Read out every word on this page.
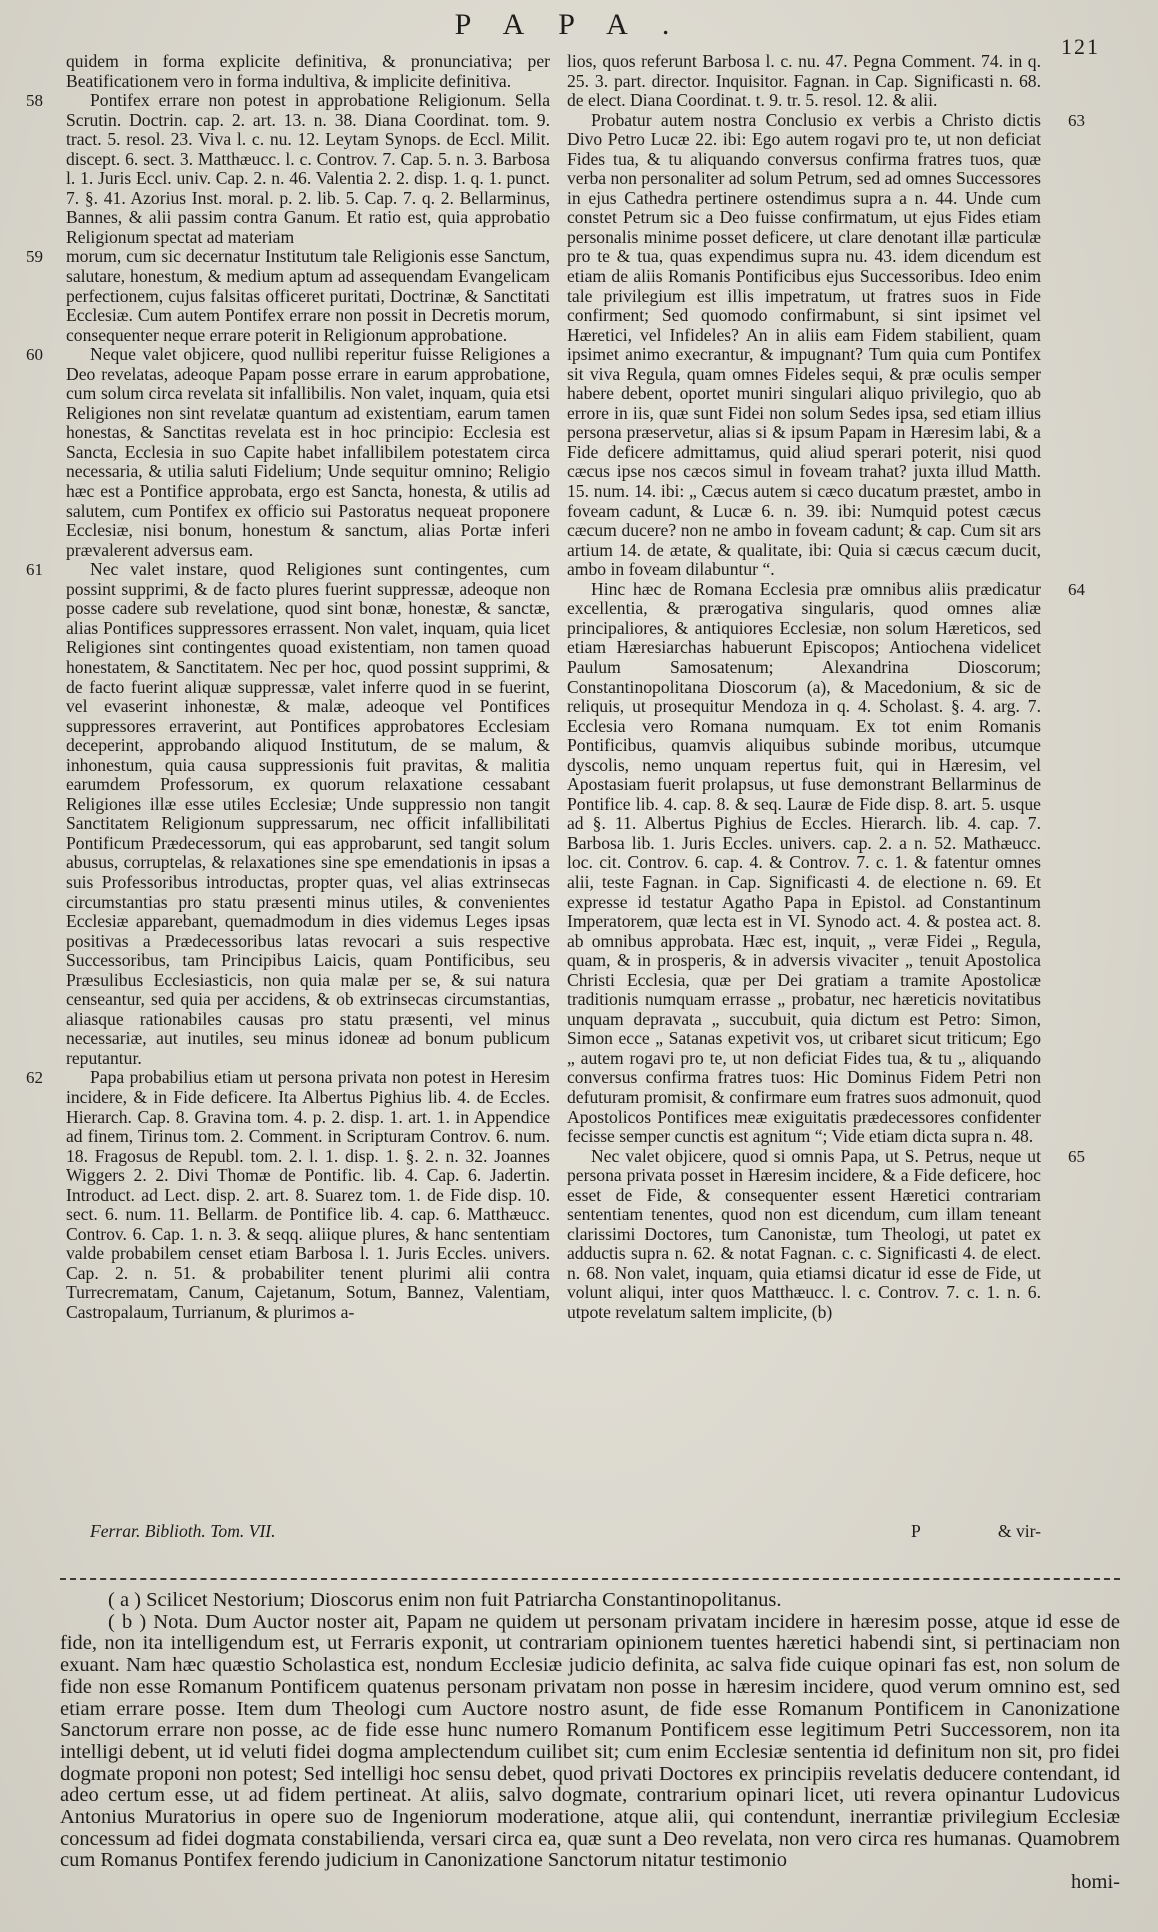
PAPA.
121

quidem in forma explicite definitiva, & pronunciativa; per Beatificationem vero in forma indultiva, & implicite definitiva.

58	Pontifex errare non potest in approbatione Religionum. Sella Scrutin. Doctrin. cap. 2. art. 13. n. 38. Diana Coordinat. tom. 9. tract. 5. resol. 23. Viva l. c. nu. 12. Leytam Synops. de Eccl. Milit. discept. 6. sect. 3. Matthæucc. l. c. Controv. 7. Cap. 5. n. 3. Barbosa l. 1. Juris Eccl. univ. Cap. 2. n. 46. Valentia 2. 2. disp. 1. q. 1. punct. 7. §. 41. Azorius Inst. moral. p. 2. lib. 5. Cap. 7. q. 2. Bellarminus, Bannes, & alii passim contra Ganum. Et ratio est, quia approbatio Religionum spectat ad materiam

59 morum, cum sic decernatur Institutum tale Religionis esse Sanctum, salutare, honestum, & medium aptum ad assequendam Evangelicam perfectionem, cujus falsitas officeret puritati, Doctrinæ, & Sanctitati Ecclesiæ. Cum autem Pontifex errare non possit in Decretis morum, consequenter neque errare poterit in Religionum approbatione.

60	Neque valet objicere, quod nullibi reperitur fuisse Religiones a Deo revelatas, adeoque Papam posse errare in earum approbatione, cum solum circa revelata sit infallibilis. Non valet, inquam, quia etsi Religiones non sint revelatæ quantum ad existentiam, earum tamen honestas, & Sanctitas revelata est in hoc principio: Ecclesia est Sancta, Ecclesia in suo Capite habet infallibilem potestatem circa necessaria, & utilia saluti Fidelium; Unde sequitur omnino; Religio hæc est a Pontifice approbata, ergo est Sancta, honesta, & utilis ad salutem, cum Pontifex ex officio sui Pastoratus nequeat proponere Ecclesiæ, nisi bonum, honestum & sanctum, alias Portæ inferi prævalerent adversus eam.

61	Nec valet instare, quod Religiones sunt contingentes, cum possint supprimi, & de facto plures fuerint suppressæ, adeoque non posse cadere sub revelatione, quod sint bonæ, honestæ, & sanctæ, alias Pontifices suppressores errassent. Non valet, inquam, quia licet Religiones sint contingentes quoad existentiam, non tamen quoad honestatem, & Sanctitatem. Nec per hoc, quod possint supprimi, & de facto fuerint aliquæ suppressæ, valet inferre quod in se fuerint, vel evaserint inhonestæ, & malæ, adeoque vel Pontifices suppressores erraverint, aut Pontifices approbatores Ecclesiam deceperint, approbando aliquod Institutum, de se malum, & inhonestum, quia causa suppressionis fuit pravitas, & malitia earumdem Professorum, ex quorum relaxatione cessabant Religiones illæ esse utiles Ecclesiæ; Unde suppressio non tangit Sanctitatem Religionum suppressarum, nec officit infallibilitati Pontificum Prædecessorum, qui eas approbarunt, sed tangit solum abusus, corruptelas, & relaxationes sine spe emendationis in ipsas a suis Professoribus introductas, propter quas, vel alias extrinsecas circumstantias pro statu præsenti minus utiles, & convenientes Ecclesiæ apparebant, quemadmodum in dies videmus Leges ipsas positivas a Prædecessoribus latas revocari a suis respective Successoribus, tam Principibus Laicis, quam Pontificibus, seu Præsulibus Ecclesiasticis, non quia malæ per se, & sui natura censeantur, sed quia per accidens, & ob extrinsecas circumstantias, aliasque rationabiles causas pro statu præsenti, vel minus necessariæ, aut inutiles, seu minus idoneæ ad bonum publicum reputantur.

62	Papa probabilius etiam ut persona privata non potest in Heresim incidere, & in Fide deficere. Ita Albertus Pighius lib. 4. de Eccles. Hierarch. Cap. 8. Gravina tom. 4. p. 2. disp. 1. art. 1. in Appendice ad finem, Tirinus tom. 2. Comment. in Scripturam Controv. 6. num. 18. Fragosus de Republ. tom. 2. l. 1. disp. 1. §. 2. n. 32. Joannes Wiggers 2. 2. Divi Thomæ de Pontific. lib. 4. Cap. 6. Jadertin. Introduct. ad Lect. disp. 2. art. 8. Suarez tom. 1. de Fide disp. 10. sect. 6. num. 11. Bellarm. de Pontifice lib. 4. cap. 6. Matthæucc. Controv. 6. Cap. 1. n. 3. & seqq. aliique plures, & hanc sententiam valde probabilem censet etiam Barbosa l. 1. Juris Eccles. univers. Cap. 2. n. 51. & probabiliter tenent plurimi alii contra Turrecrematam, Canum, Cajetanum, Sotum, Bannez, Valentiam, Castropalaum, Turrianum, & plurimos a-

Ferrar. Biblioth. Tom. VII.

lios, quos referunt Barbosa l. c. nu. 47. Pegna Comment. 74. in q. 25. 3. part. director. Inquisitor. Fagnan. in Cap. Significasti n. 68. de elect. Diana Coordinat. t. 9. tr. 5. resol. 12. & alii.

63
Probatur autem nostra Conclusio ex verbis a Christo dictis Divo Petro Lucæ 22. ibi: Ego autem rogavi pro te, ut non deficiat Fides tua, & tu aliquando conversus confirma fratres tuos, quæ verba non personaliter ad solum Petrum, sed ad omnes Successores in ejus Cathedra pertinere ostendimus supra a n. 44. Unde cum constet Petrum sic a Deo fuisse confirmatum, ut ejus Fides etiam personalis minime posset deficere, ut clare denotant illæ particulæ pro te & tua, quas expendimus supra nu. 43. idem dicendum est etiam de aliis Romanis Pontificibus ejus Successoribus. Ideo enim tale privilegium est illis impetratum, ut fratres suos in Fide confirment; Sed quomodo confirmabunt, si sint ipsimet vel Hæretici, vel Infideles? An in aliis eam Fidem stabilient, quam ipsimet animo execrantur, & impugnant? Tum quia cum Pontifex sit viva Regula, quam omnes Fideles sequi, & præ oculis semper habere debent, oportet muniri singulari aliquo privilegio, quo ab errore in iis, quæ sunt Fidei non solum Sedes ipsa, sed etiam illius persona præservetur, alias si & ipsum Papam in Hæresim labi, & a Fide deficere admittamus, quid aliud sperari poterit, nisi quod cæcus ipse nos cæcos simul in foveam trahat? juxta illud Matth. 15. num. 14. ibi: „ Cæcus autem si cæco ducatum præstet, ambo in foveam cadunt, & Lucæ 6. n. 39. ibi: Numquid potest cæcus cæcum ducere? non ne ambo in foveam cadunt; & cap. Cum sit ars artium 14. de ætate, & qualitate, ibi: Quia si cæcus cæcum ducit, ambo in foveam dilabuntur “.

64
Hinc hæc de Romana Ecclesia præ omnibus aliis prædicatur excellentia, & prærogativa singularis, quod omnes aliæ principaliores, & antiquiores Ecclesiæ, non solum Hæreticos, sed etiam Hæresiarchas habuerunt Episcopos; Antiochena videlicet Paulum Samosatenum; Alexandrina Dioscorum; Constantinopolitana Dioscorum (a), & Macedonium, & sic de reliquis, ut prosequitur Mendoza in q. 4. Scholast. §. 4. arg. 7. Ecclesia vero Romana numquam. Ex tot enim Romanis Pontificibus, quamvis aliquibus subinde moribus, utcumque dyscolis, nemo unquam repertus fuit, qui in Hæresim, vel Apostasiam fuerit prolapsus, ut fuse demonstrant Bellarminus de Pontifice lib. 4. cap. 8. & seq. Lauræ de Fide disp. 8. art. 5. usque ad §. 11. Albertus Pighius de Eccles. Hierarch. lib. 4. cap. 7. Barbosa lib. 1. Juris Eccles. univers. cap. 2. a n. 52. Mathæucc. loc. cit. Controv. 6. cap. 4. & Controv. 7. c. 1. & fatentur omnes alii, teste Fagnan. in Cap. Significasti 4. de electione n. 69. Et expresse id testatur Agatho Papa in Epistol. ad Constantinum Imperatorem, quæ lecta est in VI. Synodo act. 4. & postea act. 8. ab omnibus approbata. Hæc est, inquit, „ veræ Fidei „ Regula, quam, & in prosperis, & in adversis vivaciter „ tenuit Apostolica Christi Ecclesia, quæ per Dei gratiam a tramite Apostolicæ traditionis numquam errasse „ probatur, nec hæreticis novitatibus unquam depravata „ succubuit, quia dictum est Petro: Simon, Simon ecce „ Satanas expetivit vos, ut cribaret sicut triticum; Ego „ autem rogavi pro te, ut non deficiat Fides tua, & tu „ aliquando conversus confirma fratres tuos: Hic Dominus Fidem Petri non defuturam promisit, & confirmare eum fratres suos admonuit, quod Apostolicos Pontifices meæ exiguitatis prædecessores confidenter fecisse semper cunctis est agnitum “; Vide etiam dicta supra n. 48.

65
Nec valet objicere, quod si omnis Papa, ut S. Petrus, neque ut persona privata posset in Hæresim incidere, & a Fide deficere, hoc esset de Fide, & consequenter essent Hæretici contrariam sententiam tenentes, quod non est dicendum, cum illam teneant clarissimi Doctores, tum Canonistæ, tum Theologi, ut patet ex adductis supra n. 62. & notat Fagnan. c. c. Significasti 4. de elect. n. 68. Non valet, inquam, quia etiamsi dicatur id esse de Fide, ut volunt aliqui, inter quos Matthæucc. l. c. Controv. 7. c. 1. n. 6. utpote revelatum saltem implicite, (b)

P	& vir-

( a ) Scilicet Nestorium; Dioscorus enim non fuit Patriarcha Constantinopolitanus.

( b ) Nota. Dum Auctor noster ait, Papam ne quidem ut personam privatam incidere in hæresim posse, atque id esse de fide, non ita intelligendum est, ut Ferraris exponit, ut contrariam opinionem tuentes hæretici habendi sint, si pertinaciam non exuant. Nam hæc quæstio Scholastica est, nondum Ecclesiæ judicio definita, ac salva fide cuique opinari fas est, non solum de fide non esse Romanum Pontificem quatenus personam privatam non posse in hæresim incidere, quod verum omnino est, sed etiam errare posse. Item dum Theologi cum Auctore nostro asunt, de fide esse Romanum Pontificem in Canonizatione Sanctorum errare non posse, ac de fide esse hunc numero Romanum Pontificem esse legitimum Petri Successorem, non ita intelligi debent, ut id veluti fidei dogma amplectendum cuilibet sit; cum enim Ecclesiæ sententia id definitum non sit, pro fidei dogmate proponi non potest; Sed intelligi hoc sensu debet, quod privati Doctores ex principiis revelatis deducere contendant, id adeo certum esse, ut ad fidem pertineat. At aliis, salvo dogmate, contrarium opinari licet, uti revera opinantur Ludovicus Antonius Muratorius in opere suo de Ingeniorum moderatione, atque alii, qui contendunt, inerrantiæ privilegium Ecclesiæ concessum ad fidei dogmata constabilienda, versari circa ea, quæ sunt a Deo revelata, non vero circa res humanas. Quamobrem cum Romanus Pontifex ferendo judicium in Canonizatione Sanctorum nitatur testimonio

homi-
